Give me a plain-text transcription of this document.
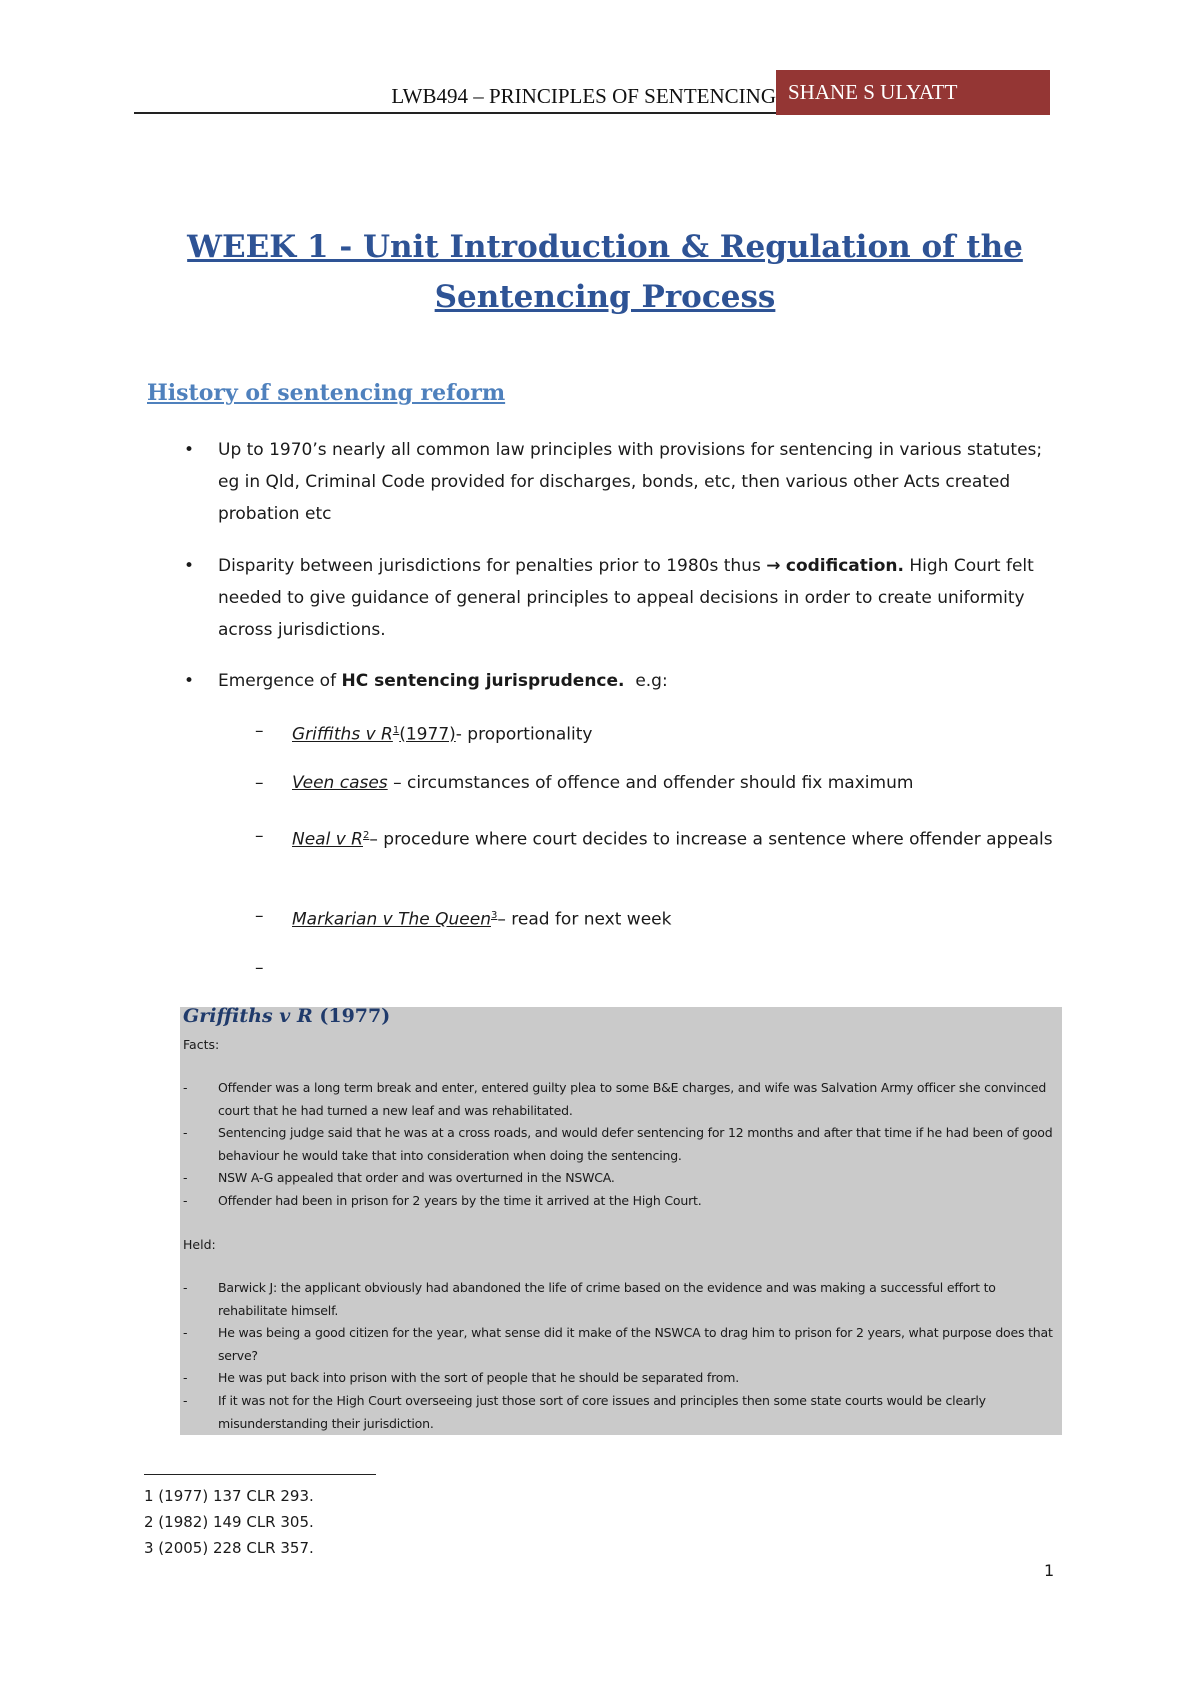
LWB494 – PRINCIPLES OF SENTENCING SHANE S ULYATT
WEEK 1 - Unit Introduction & Regulation of the Sentencing Process
History of sentencing reform
• Up to 1970’s nearly all common law principles with provisions for sentencing in various statutes; eg in Qld, Criminal Code provided for discharges, bonds, etc, then various other Acts created probation etc
• Disparity between jurisdictions for penalties prior to 1980s thus → codification. High Court felt needed to give guidance of general principles to appeal decisions in order to create uniformity across jurisdictions.
• Emergence of HC sentencing jurisprudence. e.g:
– Griffiths v $R^1(1977)-$ proportionality
– Veen cases – circumstances of offence and offender should fix maximum
– Neal v $R^2-$ procedure where court decides to increase a sentence where offender appeals
– Markarian v The Queen$^3$– read for next week
–
Griffiths v R (1977)
Facts:
- Offender was a long term break and enter, entered guilty plea to some B&E charges, and wife was Salvation Army officer she convinced court that he had turned a new leaf and was rehabilitated.
- Sentencing judge said that he was at a cross roads, and would defer sentencing for 12 months and after that time if he had been of good behaviour he would take that into consideration when doing the sentencing.
- NSW A-G appealed that order and was overturned in the NSWCA.
- Offender had been in prison for 2 years by the time it arrived at the High Court.
Held:
- Barwick J: the applicant obviously had abandoned the life of crime based on the evidence and was making a successful effort to rehabilitate himself.
- He was being a good citizen for the year, what sense did it make of the NSWCA to drag him to prison for 2 years, what purpose does that serve?
- He was put back into prison with the sort of people that he should be separated from.
- If it was not for the High Court overseeing just those sort of core issues and principles then some state courts would be clearly misunderstanding their jurisdiction.
1 (1977) 137 CLR 293.
2 (1982) 149 CLR 305.
3 (2005) 228 CLR 357.
1
